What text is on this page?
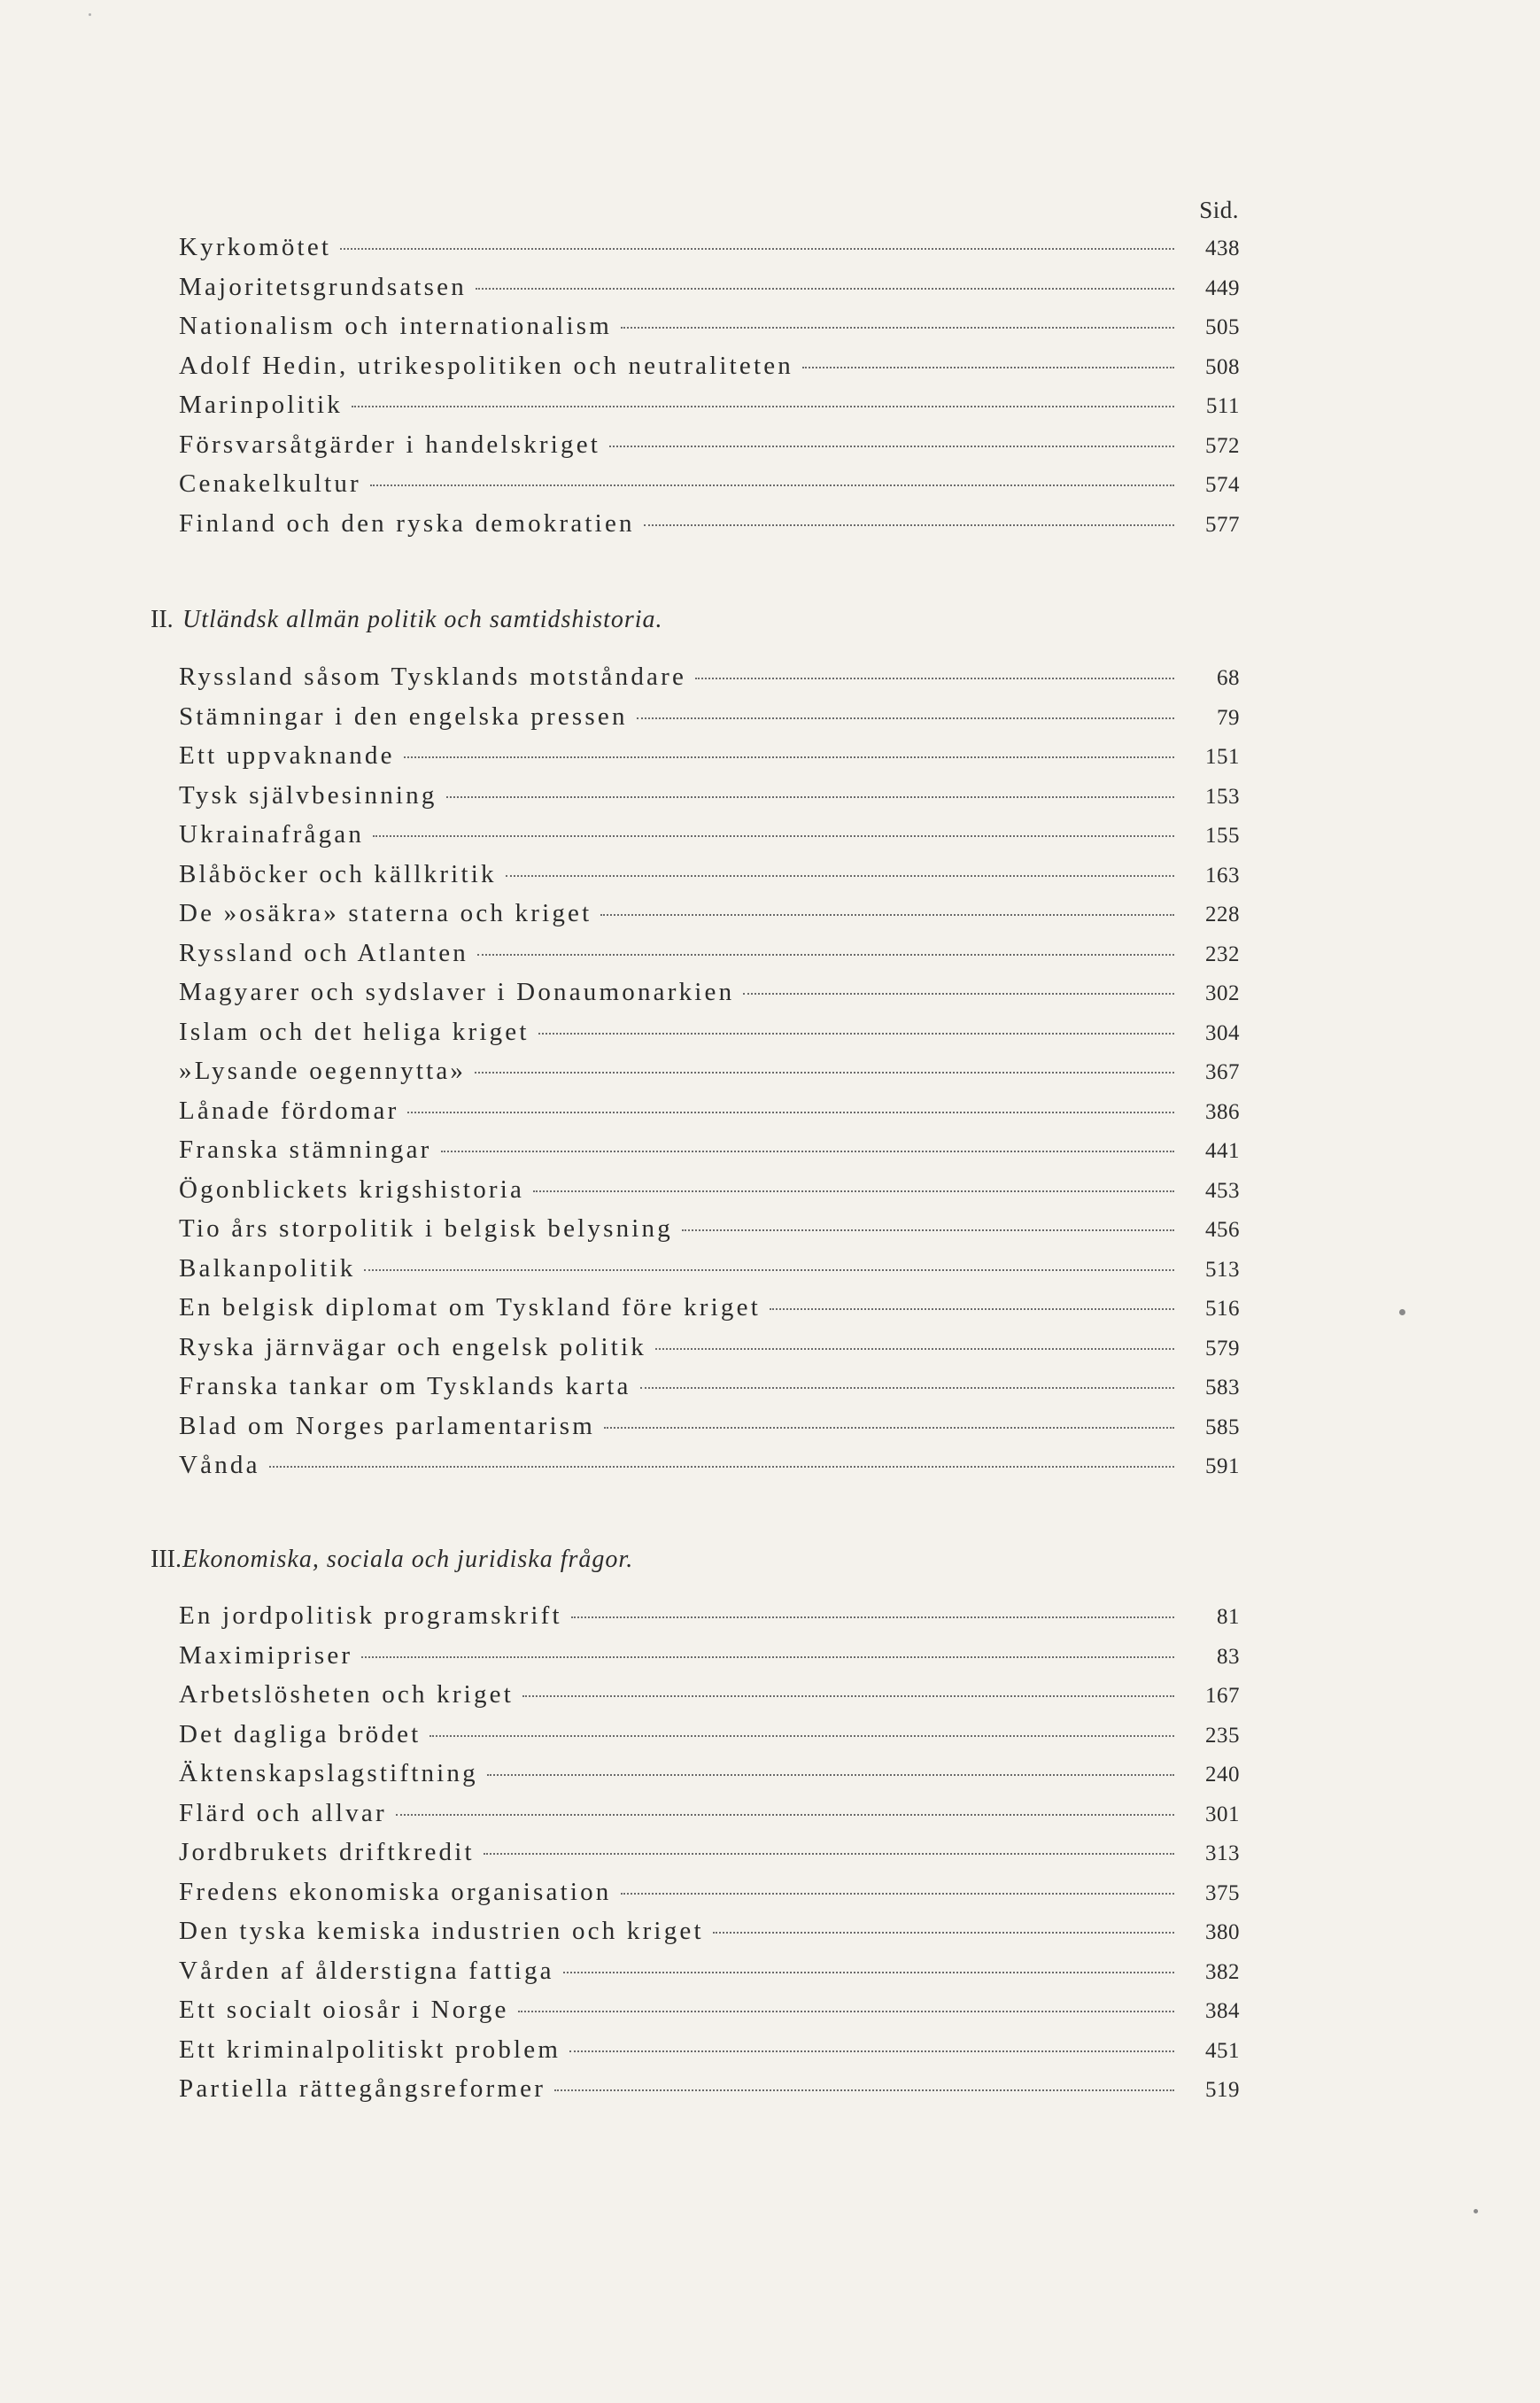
Sid.
Kyrkomötet	438
Majoritetsgrundsatsen	449
Nationalism och internationalism	505
Adolf Hedin, utrikespolitiken och neutraliteten	508
Marinpolitik	511
Försvarsåtgärder i handelskriget	572
Cenakelkultur	574
Finland och den ryska demokratien	577
II. Utländsk allmän politik och samtidshistoria.
Ryssland såsom Tysklands motståndare	68
Stämningar i den engelska pressen	79
Ett uppvaknande	151
Tysk självbesinning	153
Ukrainafrågan	155
Blåböcker och källkritik	163
De »osäkra» staterna och kriget	228
Ryssland och Atlanten	232
Magyarer och sydslaver i Donaumonarkien	302
Islam och det heliga kriget	304
»Lysande oegennytta»	367
Lånade fördomar	386
Franska stämningar	441
Ögonblickets krigshistoria	453
Tio års storpolitik i belgisk belysning	456
Balkanpolitik	513
En belgisk diplomat om Tyskland före kriget	516
Ryska järnvägar och engelsk politik	579
Franska tankar om Tysklands karta	583
Blad om Norges parlamentarism	585
Vånda	591
III.Ekonomiska, sociala och juridiska frågor.
En jordpolitisk programskrift	81
Maximipriser	83
Arbetslösheten och kriget	167
Det dagliga brödet	235
Äktenskapslagstiftning	240
Flärd och allvar	301
Jordbrukets driftkredit	313
Fredens ekonomiska organisation	375
Den tyska kemiska industrien och kriget	380
Vården af ålderstigna fattiga	382
Ett socialt oiosår i Norge	384
Ett kriminalpolitiskt problem	451
Partiella rättegångsreformer	519
